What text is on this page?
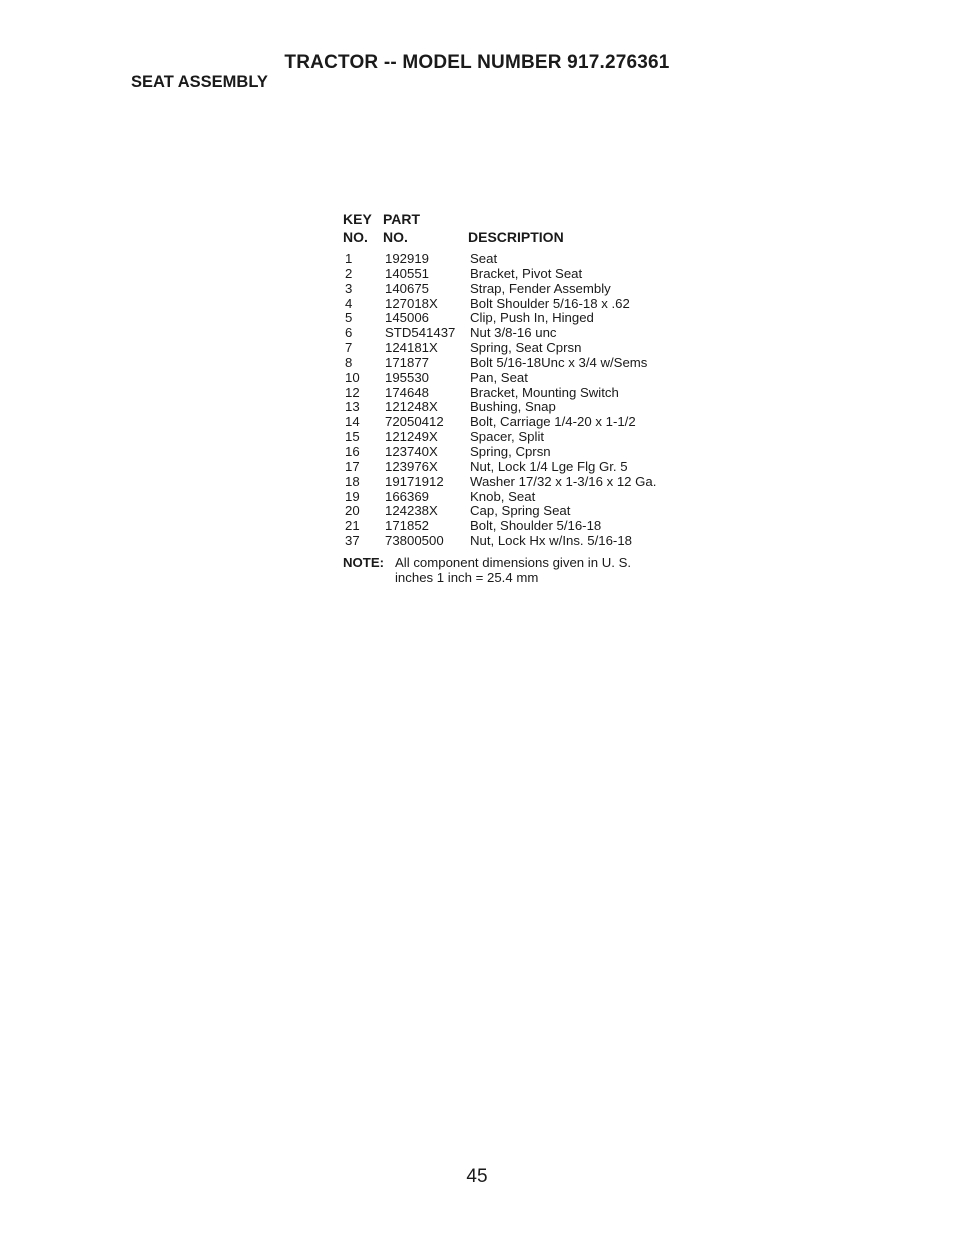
TRACTOR -- MODEL NUMBER 917.276361
SEAT ASSEMBLY
KEY PART
NO. NO.	DESCRIPTION
1 192919	Seat
2 140551	Bracket, Pivot Seat
3 140675	Strap, Fender Assembly
4 127018X Bolt Shoulder 5/16-18 x .62
5 145006	Clip, Push In, Hinged
6 STD541437 Nut 3/8-16 unc
7 124181X Spring, Seat Cprsn
8 171877	Bolt 5/16-18Unc x 3/4 w/Sems
10 195530	Pan, Seat
12 174648	Bracket, Mounting Switch
13 121248X Bushing, Snap
14 72050412 Bolt, Carriage 1/4-20 x 1-1/2
15 121249X Spacer, Split
16 123740X Spring, Cprsn
17 123976X Nut, Lock 1/4 Lge Flg Gr. 5
18 19171912 Washer 17/32 x 1-3/16 x 12 Ga.
19 166369	Knob, Seat
20 124238X Cap, Spring Seat
21 171852	Bolt, Shoulder 5/16-18
37 73800500 Nut, Lock Hx w/Ins. 5/16-18
NOTE: All component dimensions given in U. S. inches 1 inch = 25.4 mm
45
